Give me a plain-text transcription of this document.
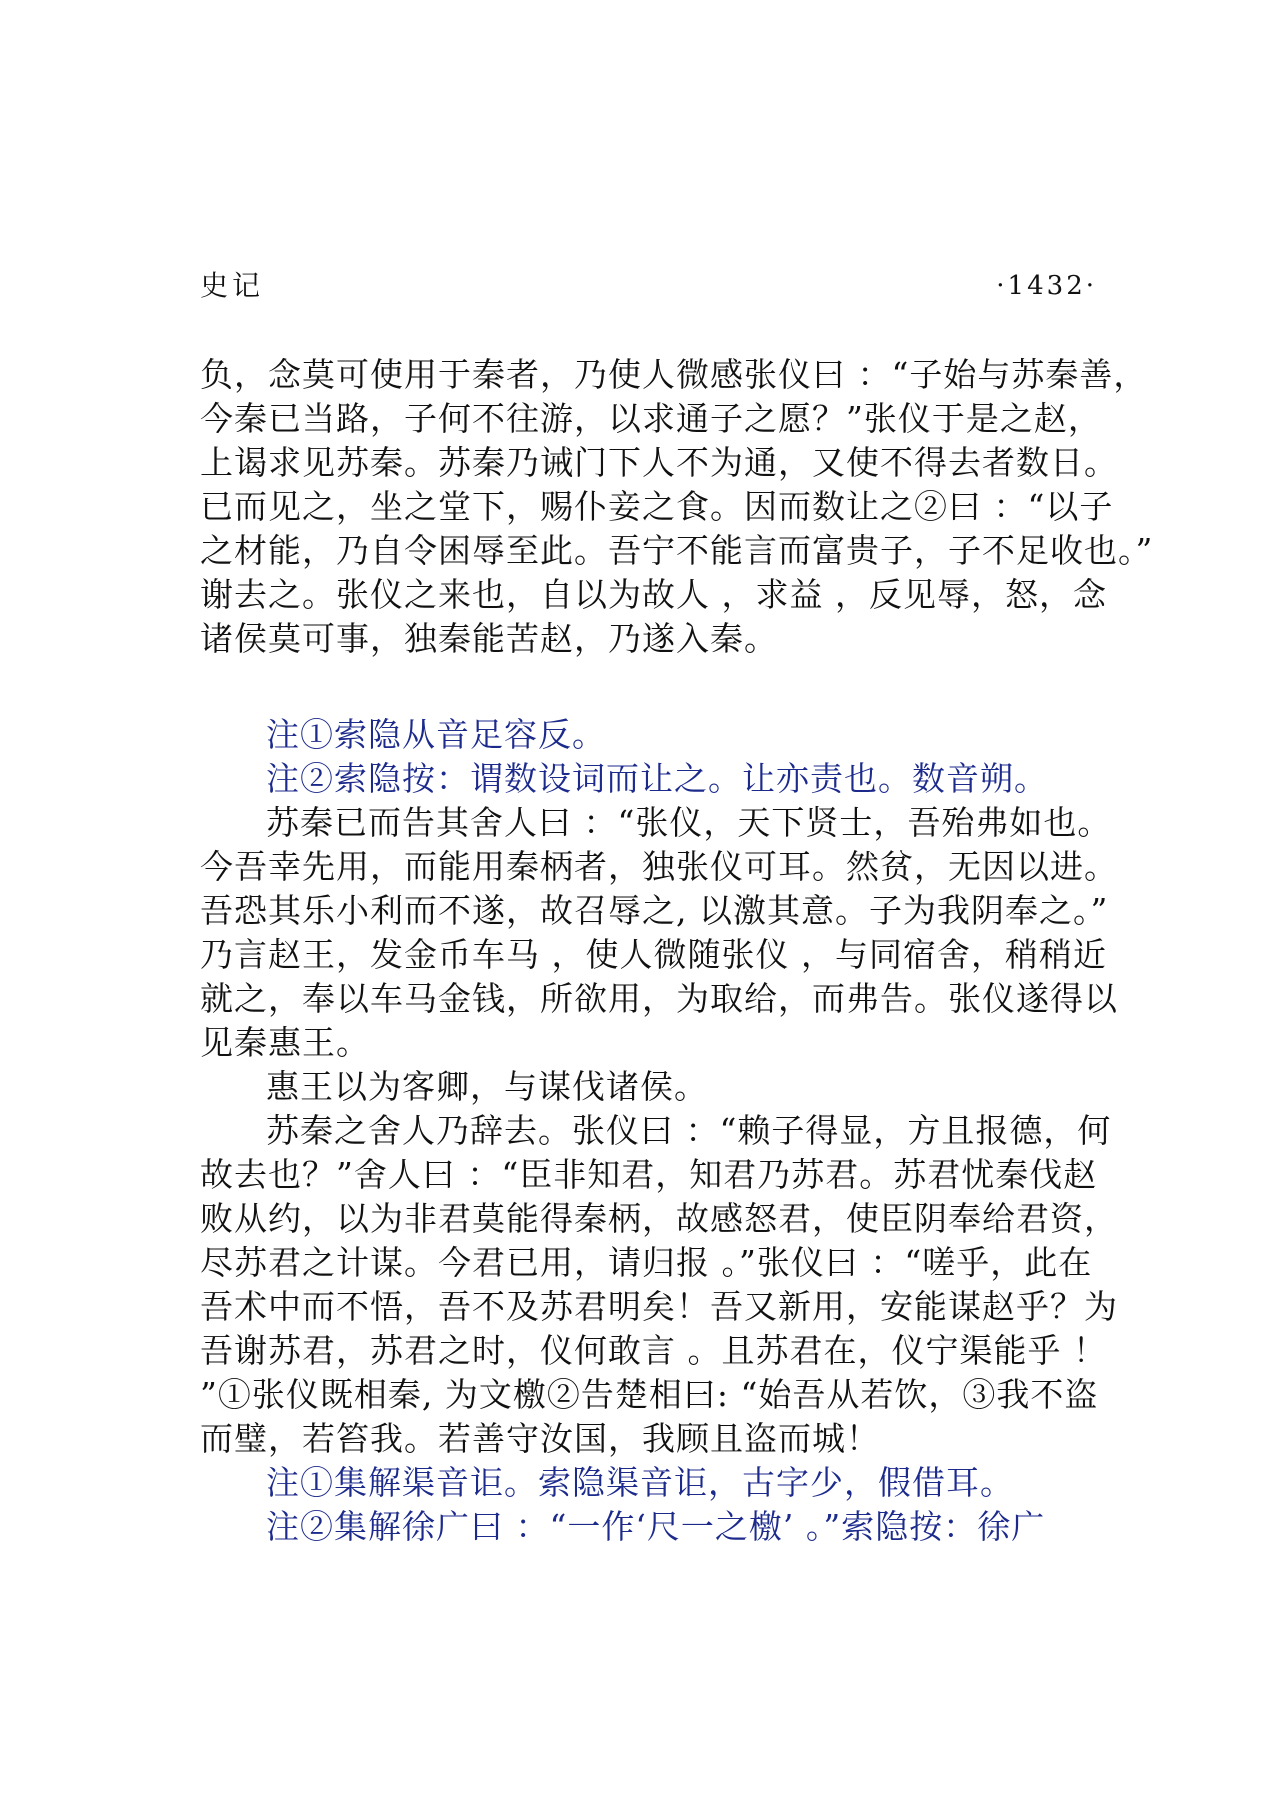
史记	·1432·
负，念莫可使用于秦者，乃使人微感张仪曰 ：“子始与苏秦善，
今秦已当路，子何不往游，以求通子之愿？”张仪于是之赵，
上谒求见苏秦。苏秦乃诫门下人不为通，又使不得去者数日。
已而见之，坐之堂下，赐仆妾之食。因而数让之②曰 ：“以子
之材能，乃自令困辱至此。吾宁不能言而富贵子，子不足收也。”
谢去之。张仪之来也，自以为故人 ，求益 ，反见辱，怒，念
诸侯莫可事，独秦能苦赵，乃遂入秦。
注①索隐从音足容反。
注②索隐按：谓数设词而让之。让亦责也。数音朔。
苏秦已而告其舍人曰 ：“张仪，天下贤士，吾殆弗如也。
今吾幸先用，而能用秦柄者，独张仪可耳。然贫，无因以进。
吾恐其乐小利而不遂，故召辱之, 以激其意。子为我阴奉之。”
乃言赵王，发金币车马 ，使人微随张仪 ，与同宿舍，稍稍近
就之，奉以车马金钱，所欲用，为取给，而弗告。张仪遂得以
见秦惠王。
惠王以为客卿，与谋伐诸侯。
苏秦之舍人乃辞去。张仪曰 ：“赖子得显，方且报德，何
故去也？”舍人曰 ：“臣非知君，知君乃苏君。苏君忧秦伐赵
败从约，以为非君莫能得秦柄，故感怒君，使臣阴奉给君资，
尽苏君之计谋。今君已用，请归报 。”张仪曰 ：“嗟乎，此在
吾术中而不悟，吾不及苏君明矣！吾又新用，安能谋赵乎？为
吾谢苏君，苏君之时，仪何敢言 。且苏君在，仪宁渠能乎 ！
”①张仪既相秦, 为文檄②告楚相曰: “始吾从若饮，③我不盗
而璧，若笞我。若善守汝国，我顾且盗而城！
注①集解渠音讵。索隐渠音讵，古字少，假借耳。
注②集解徐广曰 ：“一作‘尺一之檄’ 。”索隐按：徐广
